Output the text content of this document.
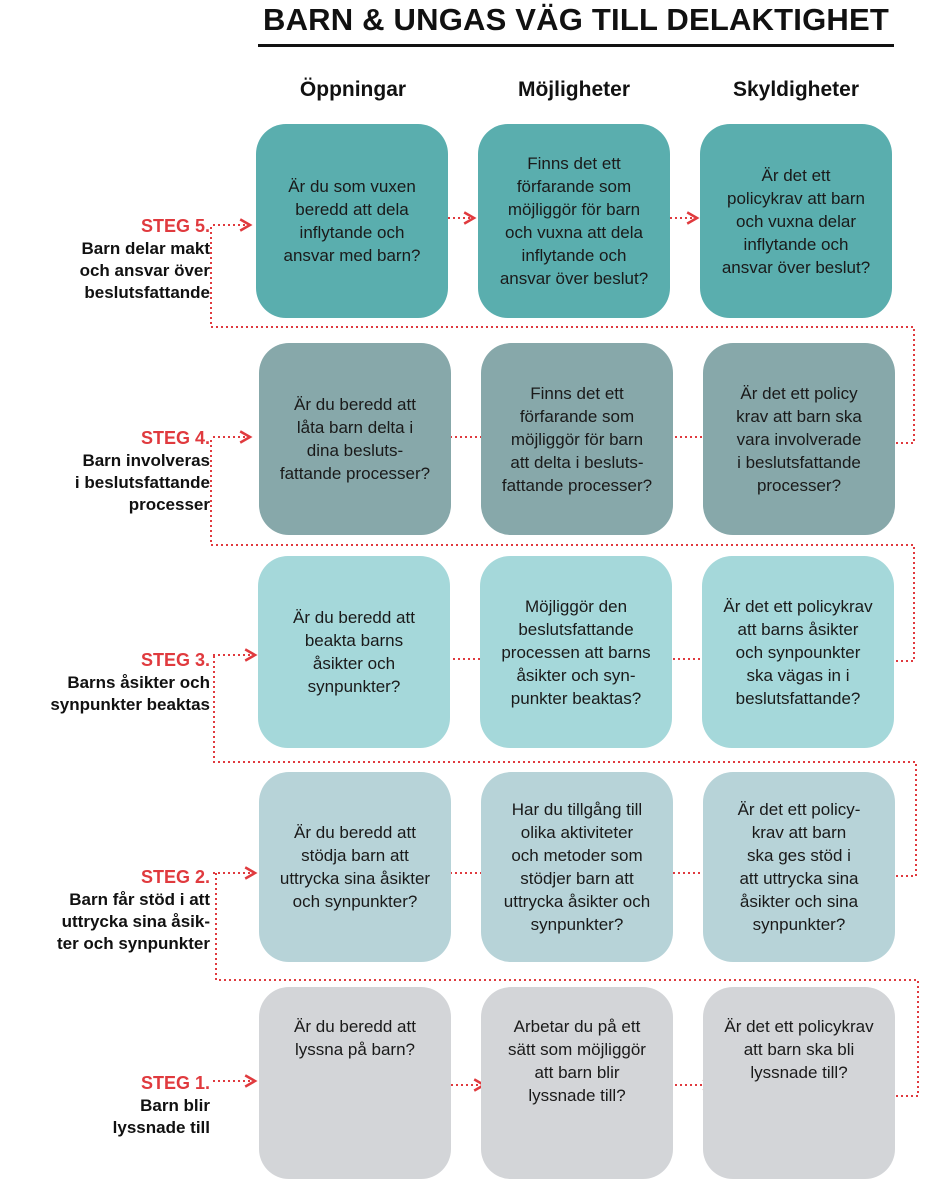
BARN & UNGAS VÄG TILL DELAKTIGHET
Öppningar	Möjligheter	Skyldigheter
STEG 5.
Barn delar makt
och ansvar över
beslutsfattande
Är du som vuxen
beredd att dela
inflytande och
ansvar med barn?
Finns det ett
förfarande som
möjliggör för barn
och vuxna att dela
inflytande och
ansvar över beslut?
Är det ett
policykrav att barn
och vuxna delar
inflytande och
ansvar över beslut?
STEG 4.
Barn involveras
i beslutsfattande
processer
Är du beredd att
låta barn delta i
dina besluts-
fattande processer?
Finns det ett
förfarande som
möjliggör för barn
att delta i besluts-
fattande processer?
Är det ett policy
krav att barn ska
vara involverade
i beslutsfattande
processer?
STEG 3.
Barns åsikter och
synpunkter beaktas
Är du beredd att
beakta barns
åsikter och
synpunkter?
Möjliggör den
beslutsfattande
processen att barns
åsikter och syn-
punkter beaktas?
Är det ett policykrav
att barns åsikter
och synpounkter
ska vägas in i
beslutsfattande?
STEG 2.
Barn får stöd i att
uttrycka sina åsik-
ter och synpunkter
Är du beredd att
stödja barn att
uttrycka sina åsikter
och synpunkter?
Har du tillgång till
olika aktiviteter
och metoder som
stödjer barn att
uttrycka åsikter och
synpunkter?
Är det ett policy-
krav att barn
ska ges stöd i
att uttrycka sina
åsikter och sina
synpunkter?
STEG 1.
Barn blir
lyssnade till
Är du beredd att
lyssna på barn?
Arbetar du på ett
sätt som möjliggör
att barn blir
lyssnade till?
Är det ett policykrav
att barn ska bli
lyssnade till?
